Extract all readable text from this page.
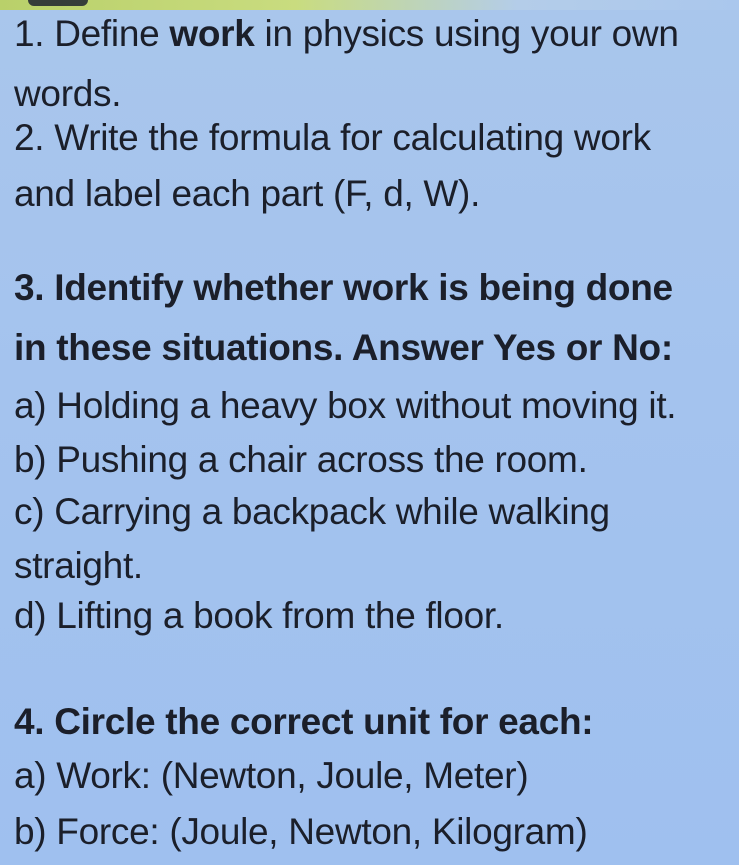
1. Define work in physics using your own
words.
2. Write the formula for calculating work
and label each part (F, d, W).
3. Identify whether work is being done
in these situations. Answer Yes or No:
a) Holding a heavy box without moving it.
b) Pushing a chair across the room.
c) Carrying a backpack while walking
straight.
d) Lifting a book from the floor.
4. Circle the correct unit for each:
a) Work: (Newton, Joule, Meter)
b) Force: (Joule, Newton, Kilogram)
